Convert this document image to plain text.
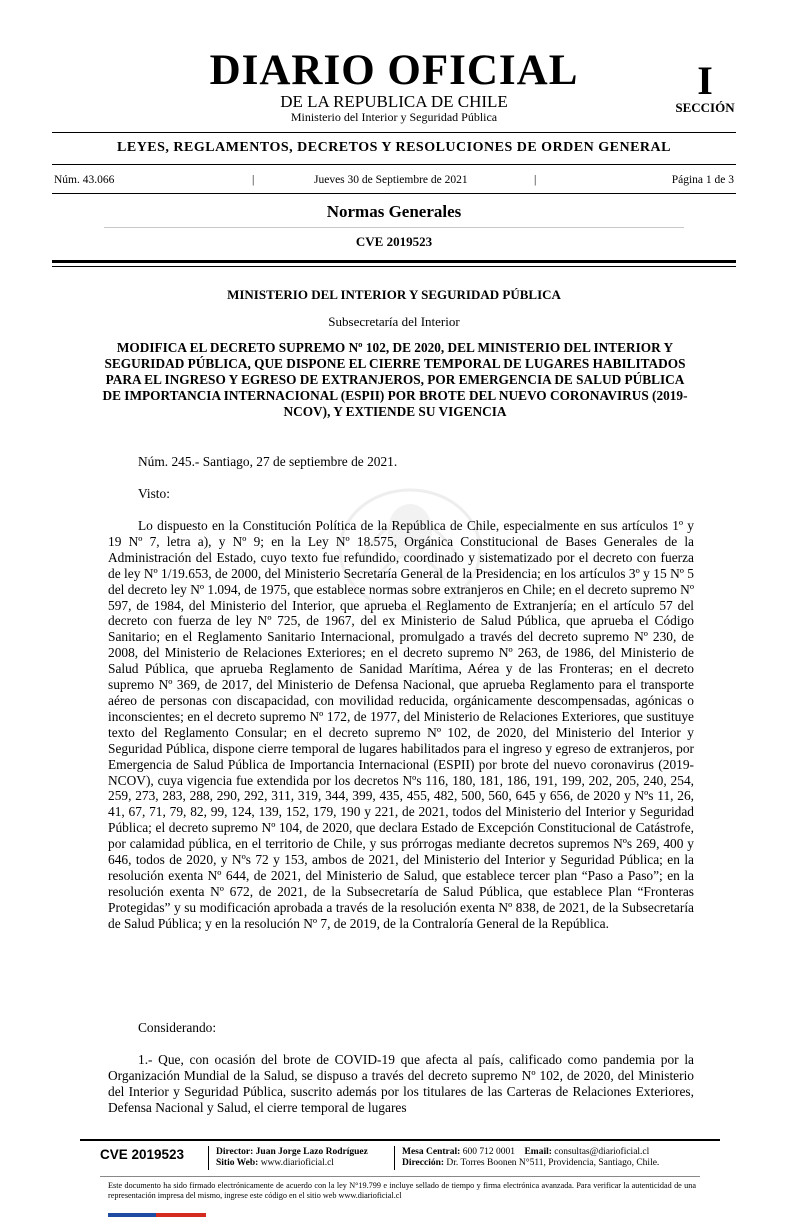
DIARIO OFICIAL
DE LA REPUBLICA DE CHILE
Ministerio del Interior y Seguridad Pública
I
SECCIÓN
LEYES, REGLAMENTOS, DECRETOS Y RESOLUCIONES DE ORDEN GENERAL
Núm. 43.066	|	Jueves 30 de Septiembre de 2021	|	Página 1 de 3
Normas Generales
CVE 2019523
MINISTERIO DEL INTERIOR Y SEGURIDAD PÚBLICA
Subsecretaría del Interior
MODIFICA EL DECRETO SUPREMO Nº 102, DE 2020, DEL MINISTERIO DEL INTERIOR Y SEGURIDAD PÚBLICA, QUE DISPONE EL CIERRE TEMPORAL DE LUGARES HABILITADOS PARA EL INGRESO Y EGRESO DE EXTRANJEROS, POR EMERGENCIA DE SALUD PÚBLICA DE IMPORTANCIA INTERNACIONAL (ESPII) POR BROTE DEL NUEVO CORONAVIRUS (2019-NCOV), Y EXTIENDE SU VIGENCIA
Núm. 245.- Santiago, 27 de septiembre de 2021.
Visto:
Lo dispuesto en la Constitución Política de la República de Chile, especialmente en sus artículos 1º y 19 Nº 7, letra a), y Nº 9; en la Ley Nº 18.575, Orgánica Constitucional de Bases Generales de la Administración del Estado, cuyo texto fue refundido, coordinado y sistematizado por el decreto con fuerza de ley Nº 1/19.653, de 2000, del Ministerio Secretaría General de la Presidencia; en los artículos 3º y 15 Nº 5 del decreto ley Nº 1.094, de 1975, que establece normas sobre extranjeros en Chile; en el decreto supremo Nº 597, de 1984, del Ministerio del Interior, que aprueba el Reglamento de Extranjería; en el artículo 57 del decreto con fuerza de ley Nº 725, de 1967, del ex Ministerio de Salud Pública, que aprueba el Código Sanitario; en el Reglamento Sanitario Internacional, promulgado a través del decreto supremo Nº 230, de 2008, del Ministerio de Relaciones Exteriores; en el decreto supremo Nº 263, de 1986, del Ministerio de Salud Pública, que aprueba Reglamento de Sanidad Marítima, Aérea y de las Fronteras; en el decreto supremo Nº 369, de 2017, del Ministerio de Defensa Nacional, que aprueba Reglamento para el transporte aéreo de personas con discapacidad, con movilidad reducida, orgánicamente descompensadas, agónicas o inconscientes; en el decreto supremo Nº 172, de 1977, del Ministerio de Relaciones Exteriores, que sustituye texto del Reglamento Consular; en el decreto supremo Nº 102, de 2020, del Ministerio del Interior y Seguridad Pública, dispone cierre temporal de lugares habilitados para el ingreso y egreso de extranjeros, por Emergencia de Salud Pública de Importancia Internacional (ESPII) por brote del nuevo coronavirus (2019-NCOV), cuya vigencia fue extendida por los decretos Nºs 116, 180, 181, 186, 191, 199, 202, 205, 240, 254, 259, 273, 283, 288, 290, 292, 311, 319, 344, 399, 435, 455, 482, 500, 560, 645 y 656, de 2020 y Nºs 11, 26, 41, 67, 71, 79, 82, 99, 124, 139, 152, 179, 190 y 221, de 2021, todos del Ministerio del Interior y Seguridad Pública; el decreto supremo Nº 104, de 2020, que declara Estado de Excepción Constitucional de Catástrofe, por calamidad pública, en el territorio de Chile, y sus prórrogas mediante decretos supremos Nºs 269, 400 y 646, todos de 2020, y Nºs 72 y 153, ambos de 2021, del Ministerio del Interior y Seguridad Pública; en la resolución exenta Nº 644, de 2021, del Ministerio de Salud, que establece tercer plan “Paso a Paso”; en la resolución exenta Nº 672, de 2021, de la Subsecretaría de Salud Pública, que establece Plan “Fronteras Protegidas” y su modificación aprobada a través de la resolución exenta Nº 838, de 2021, de la Subsecretaría de Salud Pública; y en la resolución Nº 7, de 2019, de la Contraloría General de la República.
Considerando:
1.- Que, con ocasión del brote de COVID-19 que afecta al país, calificado como pandemia por la Organización Mundial de la Salud, se dispuso a través del decreto supremo Nº 102, de 2020, del Ministerio del Interior y Seguridad Pública, suscrito además por los titulares de las Carteras de Relaciones Exteriores, Defensa Nacional y Salud, el cierre temporal de lugares
CVE 2019523	Director: Juan Jorge Lazo Rodríguez
Sitio Web: www.diarioficial.cl
Mesa Central: 600 712 0001 Email: consultas@diarioficial.cl
Dirección: Dr. Torres Boonen N°511, Providencia, Santiago, Chile.
Este documento ha sido firmado electrónicamente de acuerdo con la ley N°19.799 e incluye sellado de tiempo y firma electrónica avanzada. Para verificar la autenticidad de una representación impresa del mismo, ingrese este código en el sitio web www.diarioficial.cl
